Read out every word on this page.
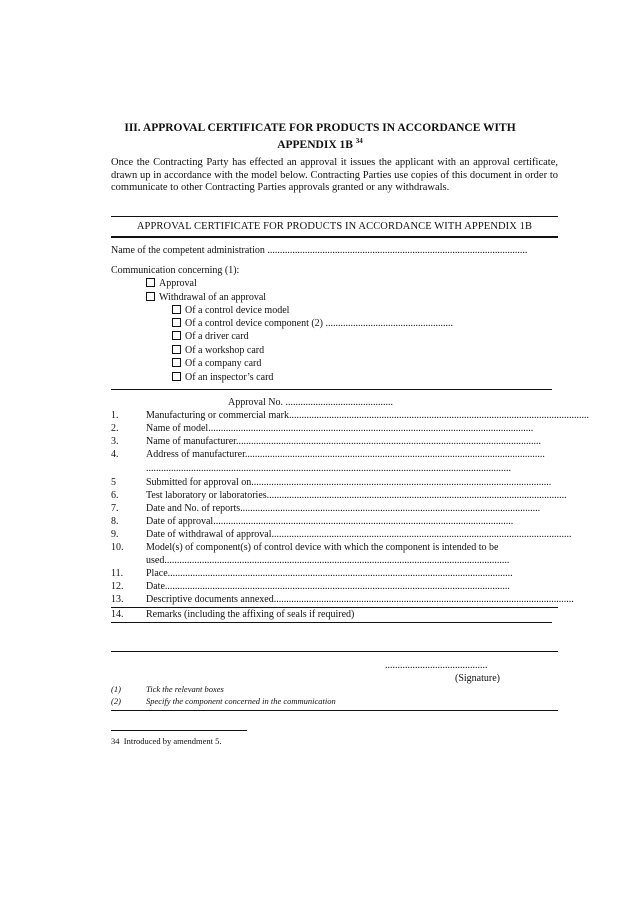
III. APPROVAL CERTIFICATE FOR PRODUCTS IN ACCORDANCE WITH
APPENDIX 1B $^{34}$
Once the Contracting Party has effected an approval it issues the applicant with an approval certificate, drawn up in accordance with the model below. Contracting Parties use copies of this document in order to communicate to other Contracting Parties approvals granted or any withdrawals.
APPROVAL CERTIFICATE FOR PRODUCTS IN ACCORDANCE WITH APPENDIX 1B
Name of the competent administration ........................................................................................................
Communication concerning (1):
Approval
Withdrawal of an approval
Of a control device model
Of a control device component (2) ...................................................
Of a driver card
Of a workshop card
Of a company card
Of an inspector’s card
Approval No. ...........................................
1.	Manufacturing or commercial mark........................................................................................................................
2.	Name of model..................................................................................................................................
3.	Name of manufacturer..........................................................................................................................
4.	Address of manufacturer........................................................................................................................
..................................................................................................................................................
5	Submitted for approval on........................................................................................................................
6.	Test laboratory or laboratories........................................................................................................................
7.	Date and No. of reports........................................................................................................................
8.	Date of approval........................................................................................................................
9.	Date of withdrawal of approval........................................................................................................................
10. Model(s) of component(s) of control device with which the component is intended to be
used..........................................................................................................................................
11. Place..........................................................................................................................................
12. Date..........................................................................................................................................
13. Descriptive documents annexed........................................................................................................................
14. Remarks (including the affixing of seals if required)
.........................................
(Signature)
(1)	Tick the relevant boxes
(2)	Specify the component concerned in the communication
34  Introduced by amendment 5.
